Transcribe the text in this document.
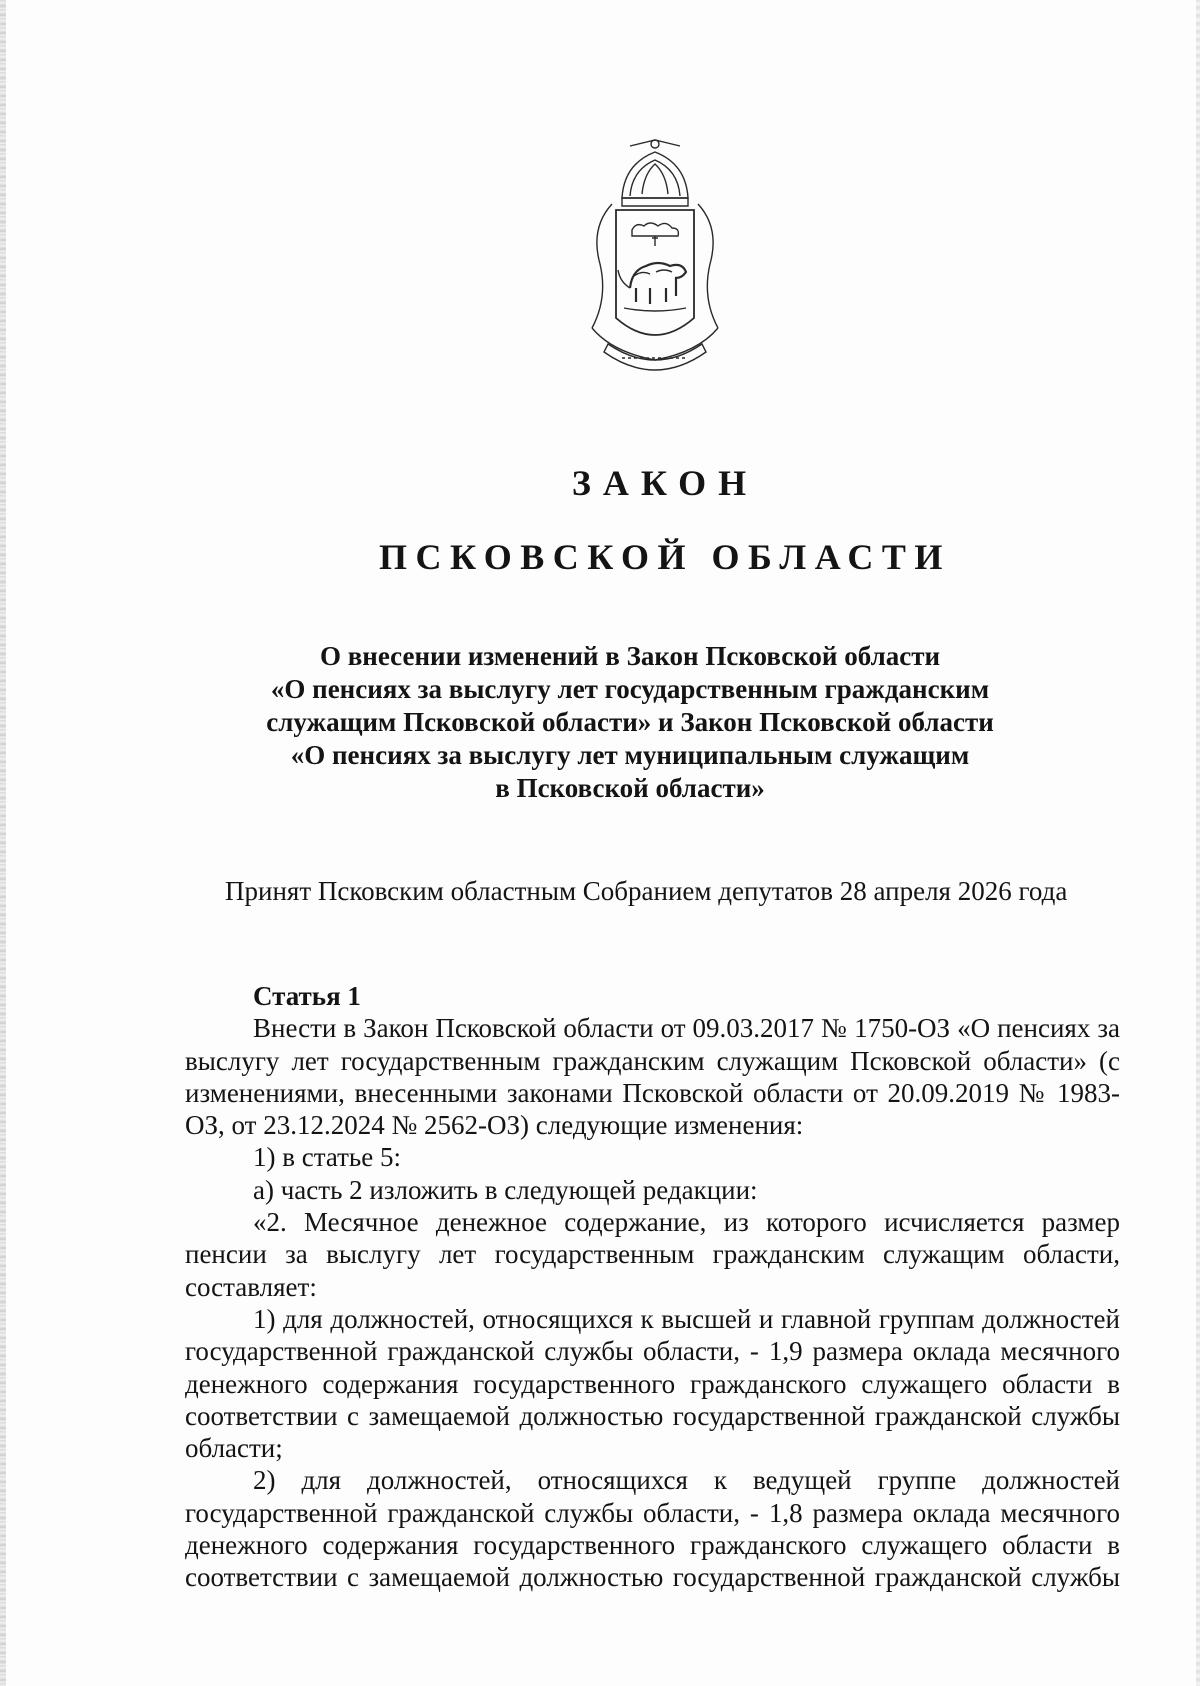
ЗАКОН
ПСКОВСКОЙ ОБЛАСТИ
О внесении изменений в Закон Псковской области
«О пенсиях за выслугу лет государственным гражданским
служащим Псковской области» и Закон Псковской области
«О пенсиях за выслугу лет муниципальным служащим
в Псковской области»
Принят Псковским областным Собранием депутатов 28 апреля 2026 года
Статья 1

Внести в Закон Псковской области от 09.03.2017 № 1750-ОЗ «О пенсиях за выслугу лет государственным гражданским служащим Псковской области» (с изменениями, внесенными законами Псковской области от 20.09.2019 № 1983-ОЗ, от 23.12.2024 № 2562-ОЗ) следующие изменения:

1) в статье 5:

а) часть 2 изложить в следующей редакции:

«2. Месячное денежное содержание, из которого исчисляется размер пенсии за выслугу лет государственным гражданским служащим области, составляет:

1) для должностей, относящихся к высшей и главной группам должностей государственной гражданской службы области, - 1,9 размера оклада месячного денежного содержания государственного гражданского служащего области в соответствии с замещаемой должностью государственной гражданской службы области;

2) для должностей, относящихся к ведущей группе должностей государственной гражданской службы области, - 1,8 размера оклада месячного денежного содержания государственного гражданского служащего области в соответствии с замещаемой должностью государственной гражданской службы
